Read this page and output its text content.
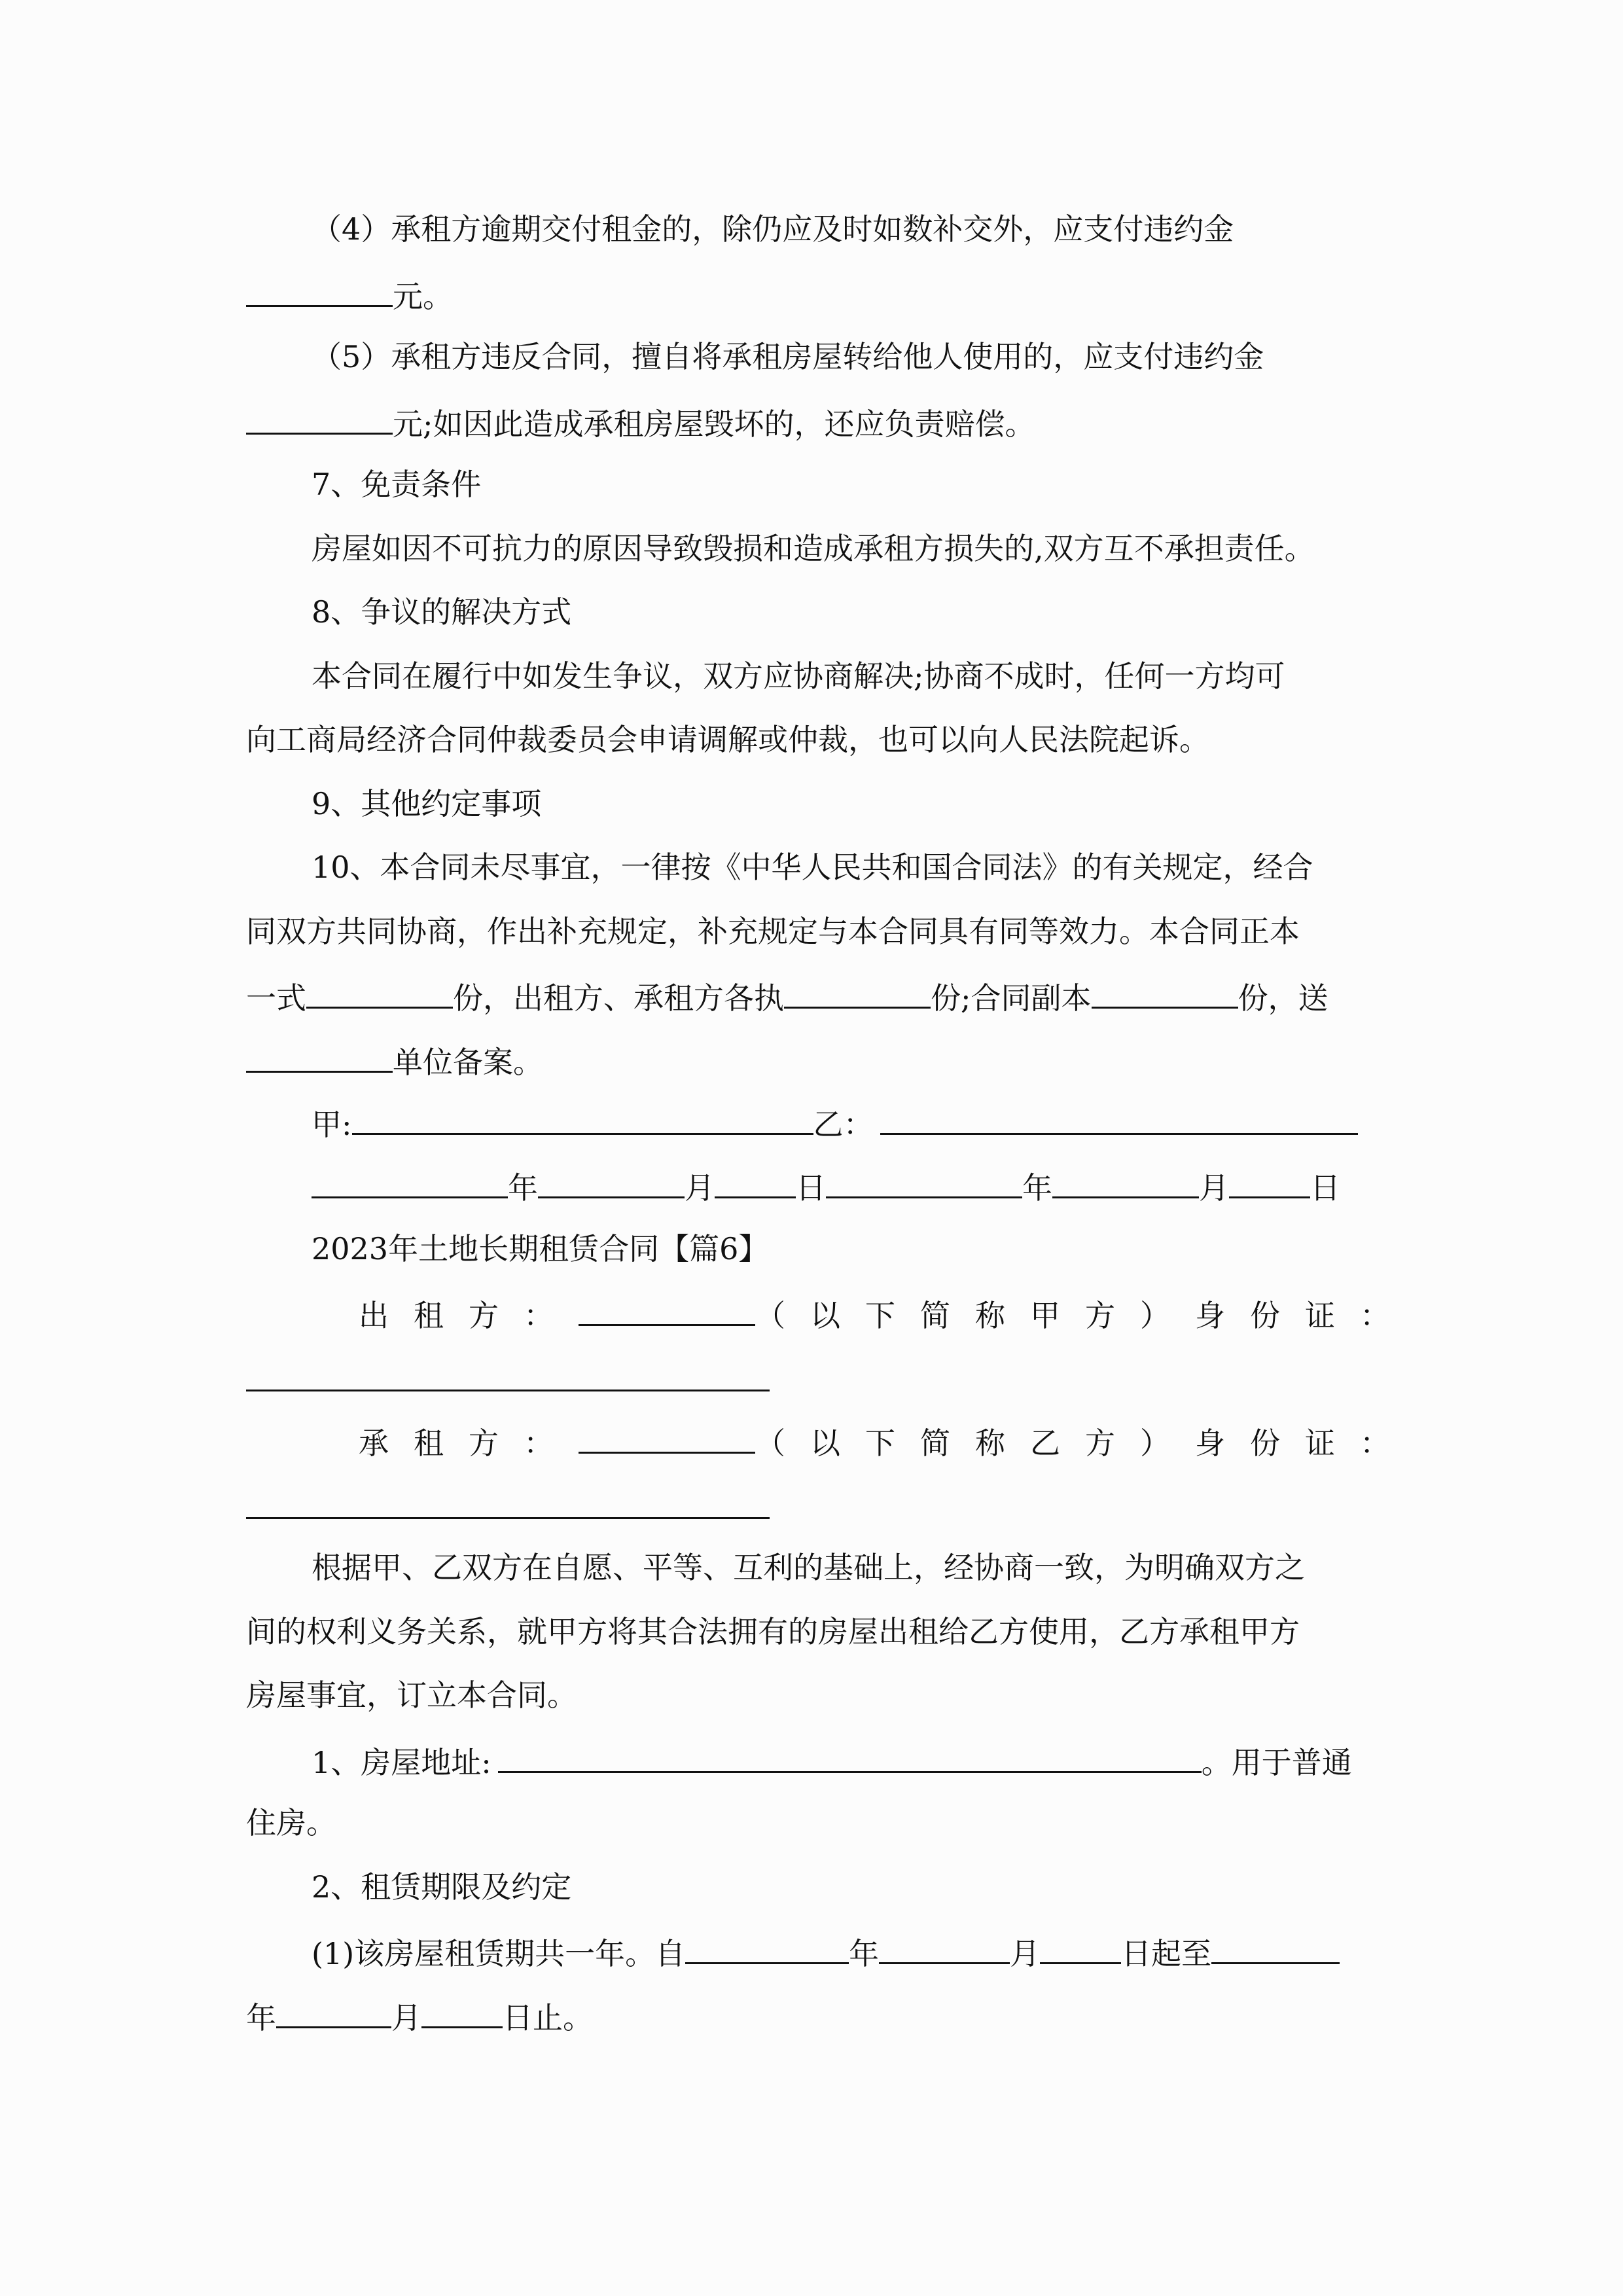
（4）承租方逾期交付租金的，除仍应及时如数补交外，应支付违约金
元。
（5）承租方违反合同，擅自将承租房屋转给他人使用的，应支付违约金
元;如因此造成承租房屋毁坏的，还应负责赔偿。
7、免责条件
房屋如因不可抗力的原因导致毁损和造成承租方损失的,双方互不承担责任。
8、争议的解决方式
本合同在履行中如发生争议，双方应协商解决;协商不成时，任何一方均可
向工商局经济合同仲裁委员会申请调解或仲裁，也可以向人民法院起诉。
9、其他约定事项
10、本合同未尽事宜，一律按《中华人民共和国合同法》的有关规定，经合
同双方共同协商，作出补充规定，补充规定与本合同具有同等效力。本合同正本
一式	份，出租方、承租方各执	份;合同副本	份，送
单位备案。
甲:	乙：
年	月	日	年	月	日
2023年土地长期租赁合同【篇6】
出租方：	（以下简称甲方）身份证：
承租方：	（以下简称乙方）身份证：
根据甲、乙双方在自愿、平等、互利的基础上，经协商一致，为明确双方之
间的权利义务关系，就甲方将其合法拥有的房屋出租给乙方使用，乙方承租甲方
房屋事宜，订立本合同。
1、房屋地址:	。用于普通
住房。
2、租赁期限及约定
(1)该房屋租赁期共一年。自	年	月	日起至
年	月	日止。
